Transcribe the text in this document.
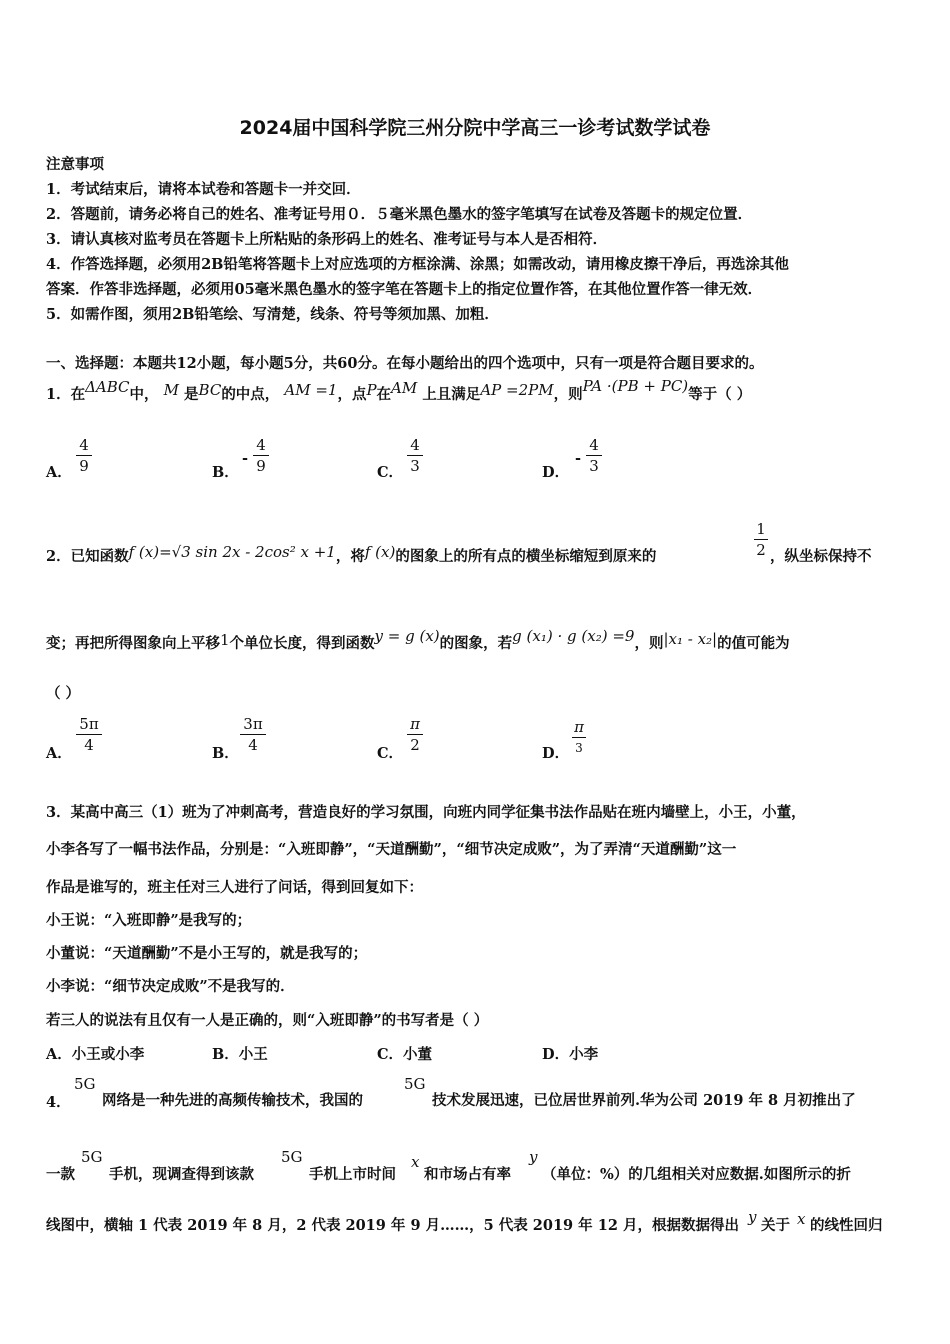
2024届中国科学院三州分院中学高三一诊考试数学试卷
注意事项
1．考试结束后，请将本试卷和答题卡一并交回．
2．答题前，请务必将自己的姓名、准考证号用０．５毫米黑色墨水的签字笔填写在试卷及答题卡的规定位置．
3．请认真核对监考员在答题卡上所粘贴的条形码上的姓名、准考证号与本人是否相符．
4．作答选择题，必须用2B铅笔将答题卡上对应选项的方框涂满、涂黑；如需改动，请用橡皮擦干净后，再选涂其他
答案．作答非选择题，必须用05毫米黑色墨水的签字笔在答题卡上的指定位置作答，在其他位置作答一律无效．
5．如需作图，须用2B铅笔绘、写清楚，线条、符号等须加黑、加粗．
一、选择题：本题共12小题，每小题5分，共60分。在每小题给出的四个选项中，只有一项是符合题目要求的。
1．在ΔABC中， M 是BC的中点， AM =1，点P在AM 上且满足AP =2PM，则PA ·(PB + PC)等于（ ）
A．
4
9	B．
-
4
9	C．
4
3	D．
-
4
3
2．已知函数f (x)=√3 sin 2x - 2cos² x +1，将f (x)的图象上的所有点的横坐标缩短到原来的
1
2 ，纵坐标保持不
变；再把所得图象向上平移1个单位长度，得到函数y = g (x)的图象，若g (x₁) · g (x₂) =9，则|x₁ - x₂|的值可能为
（ ）
A．
5π
4	B．
3π
4	C．
π
2	D．
π
3
3．某高中高三（1）班为了冲刺高考，营造良好的学习氛围，向班内同学征集书法作品贴在班内墙壁上，小王，小董，
小李各写了一幅书法作品，分别是：“入班即静”，“天道酬勤”，“细节决定成败”，为了弄清“天道酬勤”这一
作品是谁写的，班主任对三人进行了问话，得到回复如下：
小王说：“入班即静”是我写的；
小董说：“天道酬勤”不是小王写的，就是我写的；
小李说：“细节决定成败”不是我写的．
若三人的说法有且仅有一人是正确的，则“入班即静”的书写者是（ ）
A．小王或小李	B．小王	C．小董	D．小李
4．
5G
网络是一种先进的高频传输技术，我国的
5G
技术发展迅速，已位居世界前列.华为公司 2019 年 8 月初推出了
一款
5G
手机，现调查得到该款
5G
手机上市时间
x
和市场占有率
y
（单位：%）的几组相关对应数据.如图所示的折
线图中，横轴 1 代表 2019 年 8 月，2 代表 2019 年 9 月……，5 代表 2019 年 12 月，根据数据得出 y 关于 x 的线性回归
